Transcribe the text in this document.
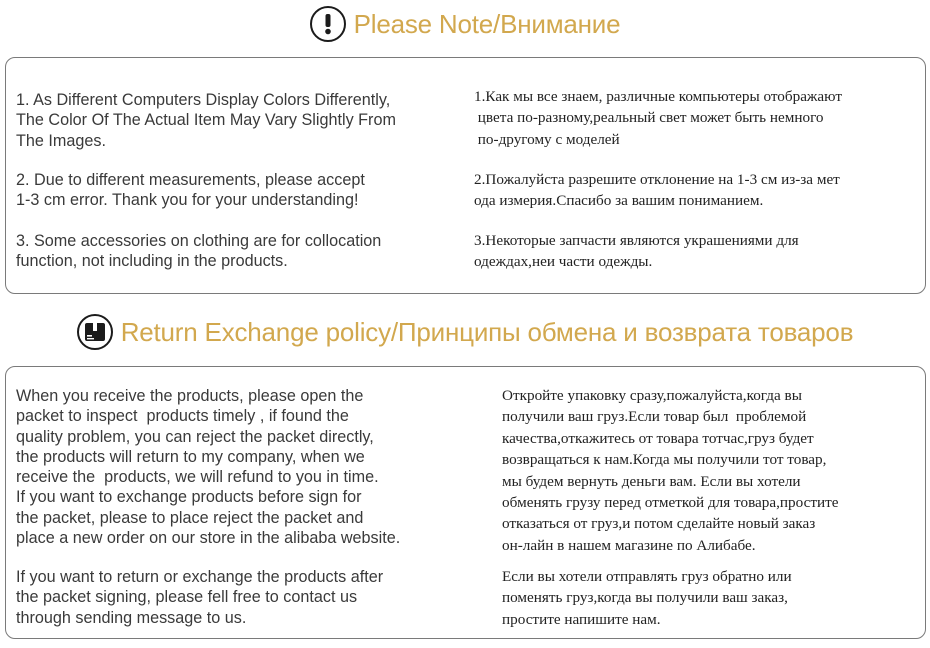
Please Note/Внимание

1. As Different Computers Display Colors Differently,
The Color Of The Actual Item May Vary Slightly From
The Images.

2. Due to different measurements, please accept
1-3 cm error. Thank you for your understanding!

3. Some accessories on clothing are for collocation
function, not including in the products.

1.Как мы все знаем, различные компьютеры отображают
цвета по-разному,реальный свет может быть немного
по-другому с моделей

2.Пожалуйста разрешите отклонение на 1-3 см из-за мет
ода измерия.Спасибо за вашим пониманием.

3.Некоторые запчасти являются украшениями для
одеждах,неи части одежды.

Return Exchange policy/Принципы обмена и возврата товаров

When you receive the products, please open the
packet to inspect  products timely , if found the
quality problem, you can reject the packet directly,
the products will return to my company, when we
receive the  products, we will refund to you in time.
If you want to exchange products before sign for
the packet, please to place reject the packet and
place a new order on our store in the alibaba website.

If you want to return or exchange the products after
the packet signing, please fell free to contact us
through sending message to us.

Откройте упаковку сразу,пожалуйста,когда вы
получили ваш груз.Если товар был  проблемой
качества,откажитесь от товара тотчас,груз будет
возвращаться к нам.Когда мы получили тот товар,
мы будем вернуть деньги вам. Если вы хотели
обменять грузу перед отметкой для товара,простите
отказаться от груз,и потом сделайте новый заказ
он-лайн в нашем магазине по Алибабе.

Если вы хотели отправлять груз обратно или
поменять груз,когда вы получили ваш заказ,
простите напишите нам.
